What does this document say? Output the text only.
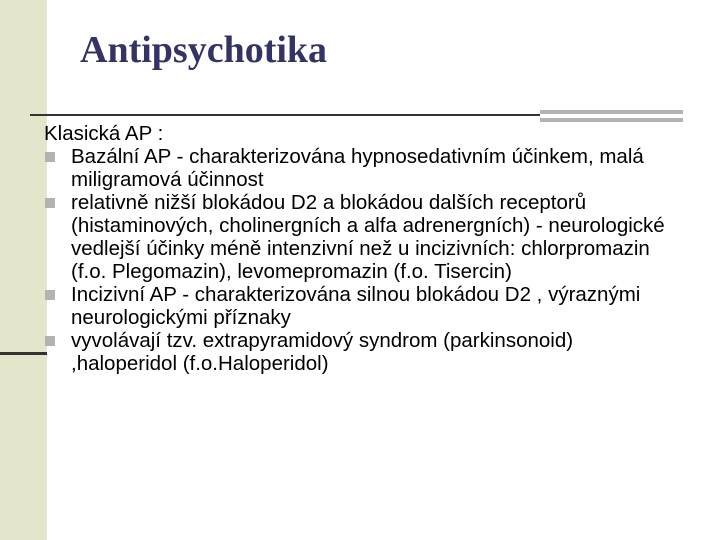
Antipsychotika

Klasická AP :

Bazální AP - charakterizována hypnosedativním účinkem, malá miligramová účinnost
relativně nižší blokádou D2 a blokádou dalších receptorů (histaminových, cholinergních a alfa adrenergních) - neurologické vedlejší účinky méně intenzivní než u incizivních: chlorpromazin (f.o. Plegomazin), levomepromazin (f.o. Tisercin)
Incizivní AP - charakterizována silnou blokádou D2 , výraznými neurologickými příznaky
vyvolávají tzv. extrapyramidový syndrom (parkinsonoid) ,haloperidol (f.o.Haloperidol)
